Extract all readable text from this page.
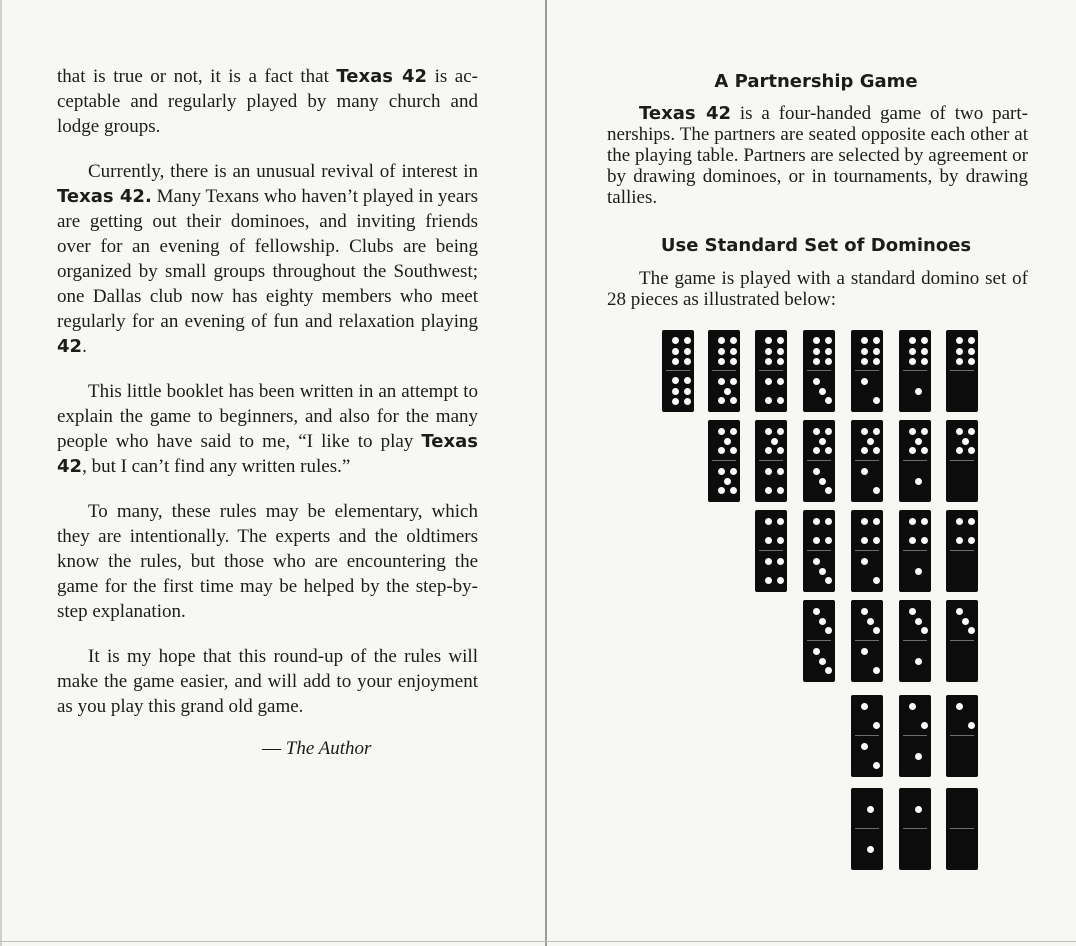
that is true or not, it is a fact that Texas 42 is acceptable and regularly played by many church and lodge groups.

Currently, there is an unusual revival of interest in Texas 42. Many Texans who haven’t played in years are getting out their dominoes, and inviting friends over for an evening of fellowship. Clubs are being organized by small groups throughout the Southwest; one Dallas club now has eighty members who meet regularly for an evening of fun and relaxation playing 42.

This little booklet has been written in an attempt to explain the game to beginners, and also for the many people who have said to me, “I like to play Texas 42, but I can’t find any written rules.”

To many, these rules may be elementary, which they are intentionally. The experts and the oldtimers know the rules, but those who are encountering the game for the first time may be helped by the step-by-step explanation.

It is my hope that this round-up of the rules will make the game easier, and will add to your enjoyment as you play this grand old game.

— The Author
A Partnership Game

Texas 42 is a four-handed game of two partnerships. The partners are seated opposite each other at the playing table. Partners are selected by agreement or by drawing dominoes, or in tournaments, by drawing tallies.

Use Standard Set of Dominoes

The game is played with a standard domino set of 28 pieces as illustrated below:
